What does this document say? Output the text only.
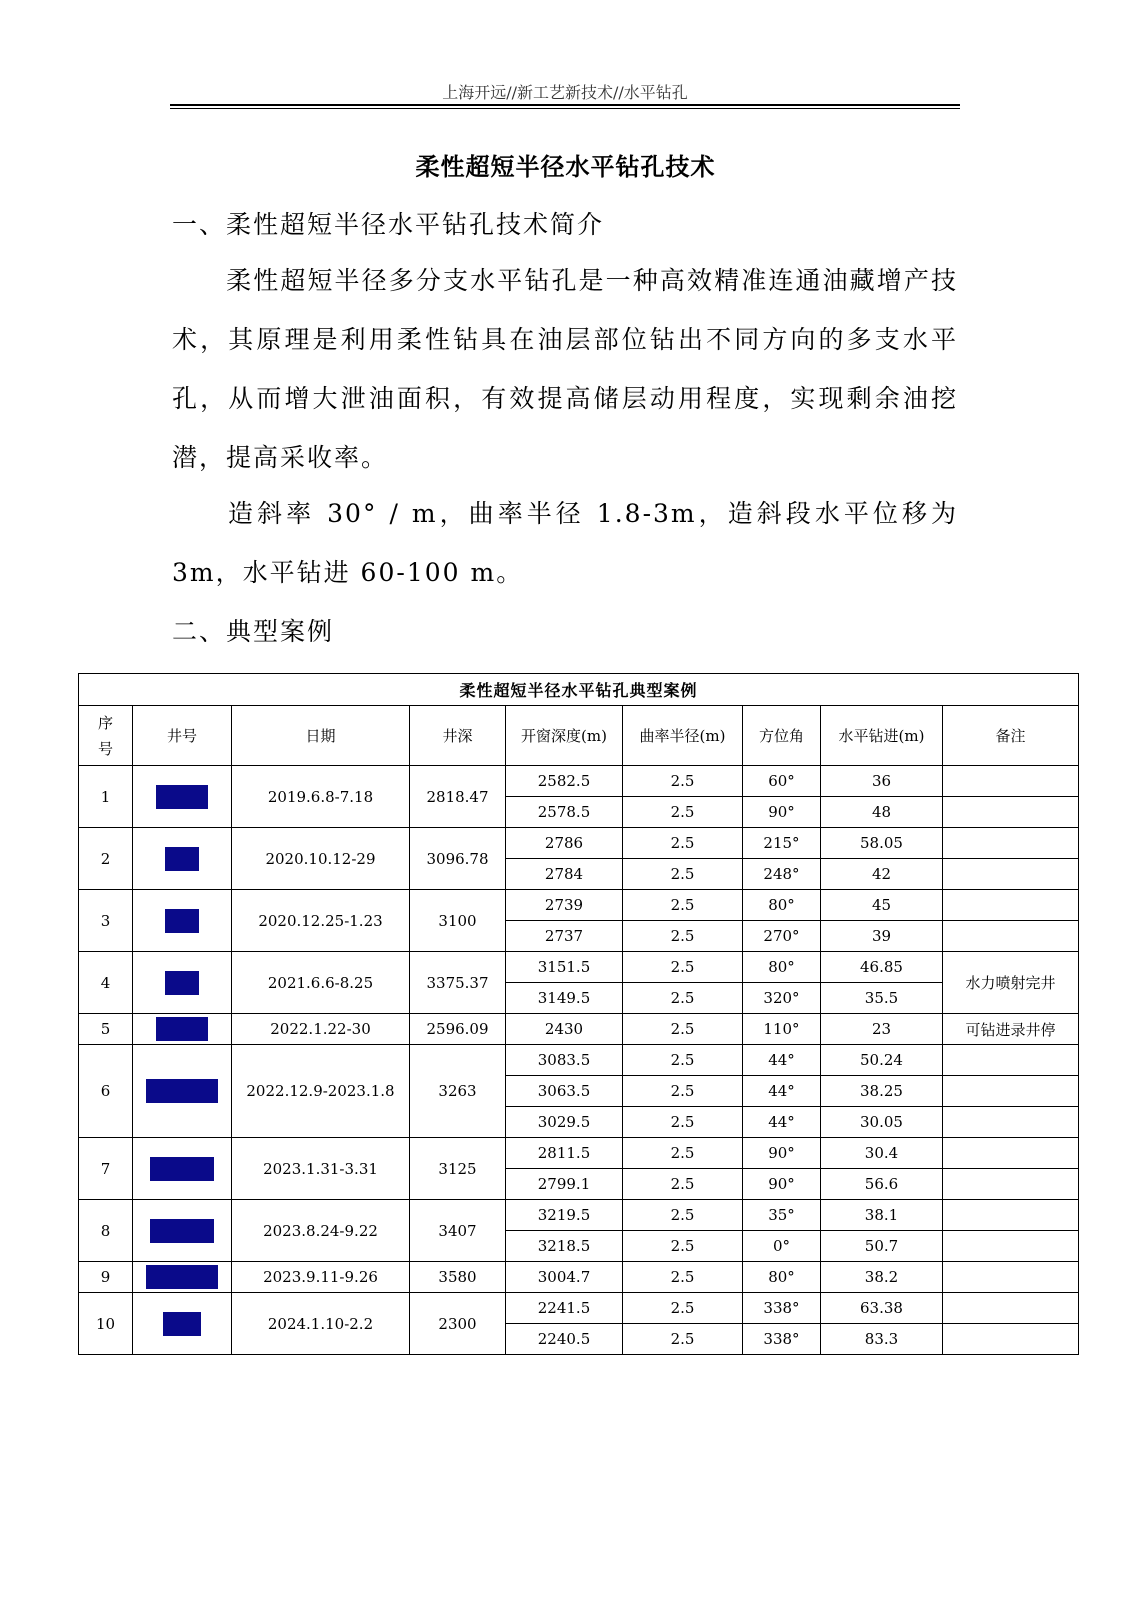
上海开远//新工艺新技术//水平钻孔
柔性超短半径水平钻孔技术
一、柔性超短半径水平钻孔技术简介
柔性超短半径多分支水平钻孔是一种高效精准连通油藏增产技术，其原理是利用柔性钻具在油层部位钻出不同方向的多支水平孔，从而增大泄油面积，有效提高储层动用程度，实现剩余油挖潜，提高采收率。
造斜率 30° / m，曲率半径 1.8-3m，造斜段水平位移为 3m，水平钻进 60-100 m。
二、典型案例
柔性超短半径水平钻孔典型案例								
序号	井号	日期	井深	开窗深度(m)	曲率半径(m)	方位角	水平钻进(m)	备注
1		2019.6.8-7.18	2818.47	2582.5	2.5	60°	36	
				2578.5	2.5	90°	48	
2		2020.10.12-29	3096.78	2786	2.5	215°	58.05	
				2784	2.5	248°	42	
3		2020.12.25-1.23	3100	2739	2.5	80°	45	
				2737	2.5	270°	39	
4		2021.6.6-8.25	3375.37	3151.5	2.5	80°	46.85	水力喷射完井
				3149.5	2.5	320°	35.5	
5		2022.1.22-30	2596.09	2430	2.5	110°	23	可钻进录井停
6		2022.12.9-2023.1.8	3263	3083.5	2.5	44°	50.24	
				3063.5	2.5	44°	38.25	
				3029.5	2.5	44°	30.05	
7		2023.1.31-3.31	3125	2811.5	2.5	90°	30.4	
				2799.1	2.5	90°	56.6	
8		2023.8.24-9.22	3407	3219.5	2.5	35°	38.1	
				3218.5	2.5	0°	50.7	
9		2023.9.11-9.26	3580	3004.7	2.5	80°	38.2	
10		2024.1.10-2.2	2300	2241.5	2.5	338°	63.38	
				2240.5	2.5	338°	83.3	
